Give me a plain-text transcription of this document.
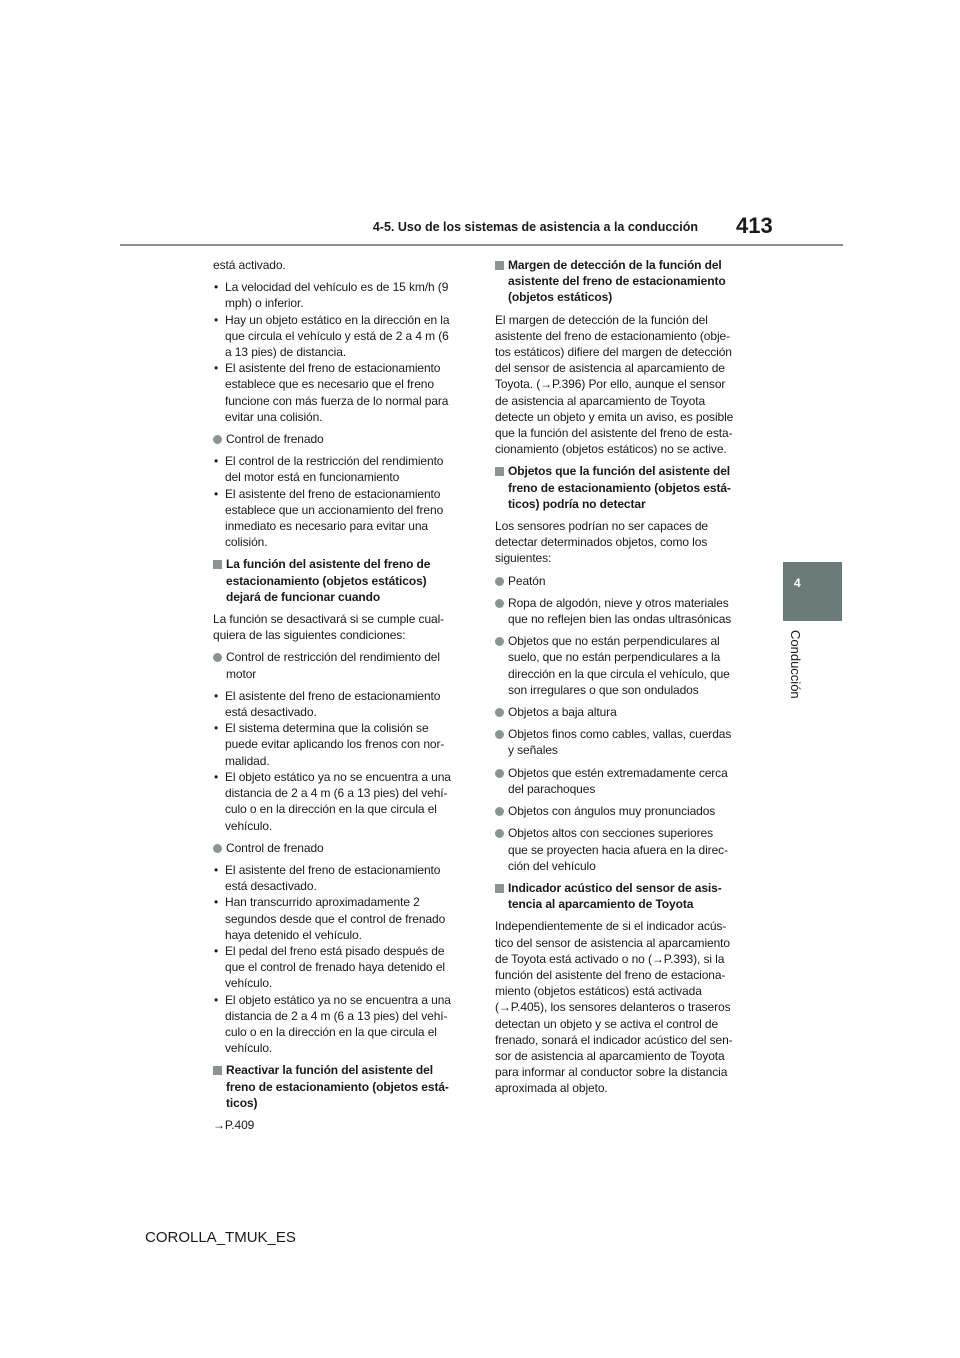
4-5. Uso de los sistemas de asistencia a la conducción 413
4
Conducción
está activado.
• La velocidad del vehículo es de 15 km/h (9
mph) o inferior.
• Hay un objeto estático en la dirección en la
que circula el vehículo y está de 2 a 4 m (6
a 13 pies) de distancia.
• El asistente del freno de estacionamiento
establece que es necesario que el freno
funcione con más fuerza de lo normal para
evitar una colisión.
Control de frenado
• El control de la restricción del rendimiento
del motor está en funcionamiento
• El asistente del freno de estacionamiento
establece que un accionamiento del freno
inmediato es necesario para evitar una
colisión.
La función del asistente del freno de
estacionamiento (objetos estáticos)
dejará de funcionar cuando
La función se desactivará si se cumple cual-
quiera de las siguientes condiciones:
Control de restricción del rendimiento del
motor
• El asistente del freno de estacionamiento
está desactivado.
• El sistema determina que la colisión se
puede evitar aplicando los frenos con nor-
malidad.
• El objeto estático ya no se encuentra a una
distancia de 2 a 4 m (6 a 13 pies) del vehí-
culo o en la dirección en la que circula el
vehículo.
Control de frenado
• El asistente del freno de estacionamiento
está desactivado.
• Han transcurrido aproximadamente 2
segundos desde que el control de frenado
haya detenido el vehículo.
• El pedal del freno está pisado después de
que el control de frenado haya detenido el
vehículo.
• El objeto estático ya no se encuentra a una
distancia de 2 a 4 m (6 a 13 pies) del vehí-
culo o en la dirección en la que circula el
vehículo.
Reactivar la función del asistente del
freno de estacionamiento (objetos está-
ticos)
→P.409
Margen de detección de la función del
asistente del freno de estacionamiento
(objetos estáticos)
El margen de detección de la función del
asistente del freno de estacionamiento (obje-
tos estáticos) difiere del margen de detección
del sensor de asistencia al aparcamiento de
Toyota. (→P.396) Por ello, aunque el sensor
de asistencia al aparcamiento de Toyota
detecte un objeto y emita un aviso, es posible
que la función del asistente del freno de esta-
cionamiento (objetos estáticos) no se active.
Objetos que la función del asistente del
freno de estacionamiento (objetos está-
ticos) podría no detectar
Los sensores podrían no ser capaces de
detectar determinados objetos, como los
siguientes:
Peatón
Ropa de algodón, nieve y otros materiales
que no reflejen bien las ondas ultrasónicas
Objetos que no están perpendiculares al
suelo, que no están perpendiculares a la
dirección en la que circula el vehículo, que
son irregulares o que son ondulados
Objetos a baja altura
Objetos finos como cables, vallas, cuerdas
y señales
Objetos que estén extremadamente cerca
del parachoques
Objetos con ángulos muy pronunciados
Objetos altos con secciones superiores
que se proyecten hacia afuera en la direc-
ción del vehículo
Indicador acústico del sensor de asis-
tencia al aparcamiento de Toyota
Independientemente de si el indicador acús-
tico del sensor de asistencia al aparcamiento
de Toyota está activado o no (→P.393), si la
función del asistente del freno de estaciona-
miento (objetos estáticos) está activada
(→P.405), los sensores delanteros o traseros
detectan un objeto y se activa el control de
frenado, sonará el indicador acústico del sen-
sor de asistencia al aparcamiento de Toyota
para informar al conductor sobre la distancia
aproximada al objeto.
COROLLA_TMUK_ES
